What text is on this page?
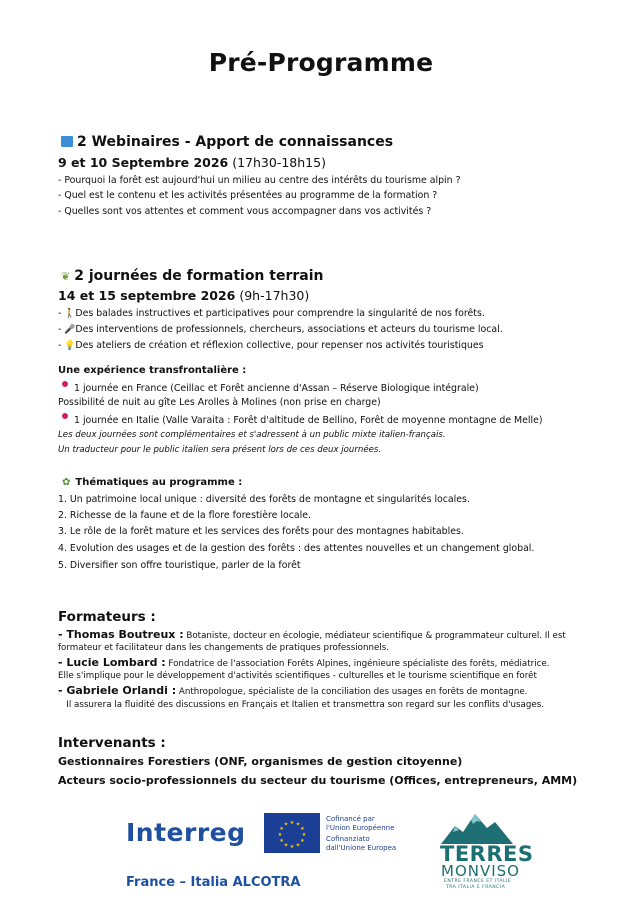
Pré-Programme
2 Webinaires - Apport de connaissances
9 et 10 Septembre 2026 (17h30-18h15)
- Pourquoi la forêt est aujourd'hui un milieu au centre des intérêts du tourisme alpin ?
- Quel est le contenu et les activités présentées au programme de la formation ?
- Quelles sont vos attentes et comment vous accompagner dans vos activités ?
❦ 2 journées de formation terrain
14 et 15 septembre 2026 (9h-17h30)
- 🚶Des balades instructives et participatives pour comprendre la singularité de nos forêts.
- 🎤Des interventions de professionnels, chercheurs, associations et acteurs du tourisme local.
- 💡Des ateliers de création et réflexion collective, pour repenser nos activités touristiques
Une expérience transfrontalière :
1 journée en France (Ceillac et Forêt ancienne d'Assan – Réserve Biologique intégrale)
Possibilité de nuit au gîte Les Arolles à Molines (non prise en charge)
1 journée en Italie (Valle Varaita : Forêt d'altitude de Bellino, Forêt de moyenne montagne de Melle)
Les deux journées sont complémentaires et s'adressent à un public mixte italien-français.
Un traducteur pour le public italien sera présent lors de ces deux journées.
✿ Thématiques au programme :
1. Un patrimoine local unique : diversité des forêts de montagne et singularités locales.
2. Richesse de la faune et de la flore forestière locale.
3. Le rôle de la forêt mature et les services des forêts pour des montagnes habitables.
4. Evolution des usages et de la gestion des forêts : des attentes nouvelles et un changement global.
5. Diversifier son offre touristique, parler de la forêt
Formateurs :
- Thomas Boutreux : Botaniste, docteur en écologie, médiateur scientifique & programmateur culturel. Il est
formateur et facilitateur dans les changements de pratiques professionnels.
- Lucie Lombard : Fondatrice de l'association Forêts Alpines, ingénieure spécialiste des forêts, médiatrice.
Elle s'implique pour le développement d'activités scientifiques - culturelles et le tourisme scientifique en forêt
- Gabriele Orlandi : Anthropologue, spécialiste de la conciliation des usages en forêts de montagne.
Il assurera la fluidité des discussions en Français et Italien et transmettra son regard sur les conflits d'usages.
Intervenants :
Gestionnaires Forestiers (ONF, organismes de gestion citoyenne)
Acteurs socio-professionnels du secteur du tourisme (Offices, entrepreneurs, AMM)
Interreg
France – Italia ALCOTRA
★ ★
★
★
★
★
★
★
★
★
★
★
Cofinancé par
l'Union Européenne
Cofinanziato
dall'Unione Europea TERRES
MONVISO
ENTRE FRANCE ET ITALIE
TRA ITALIA E FRANCIA
